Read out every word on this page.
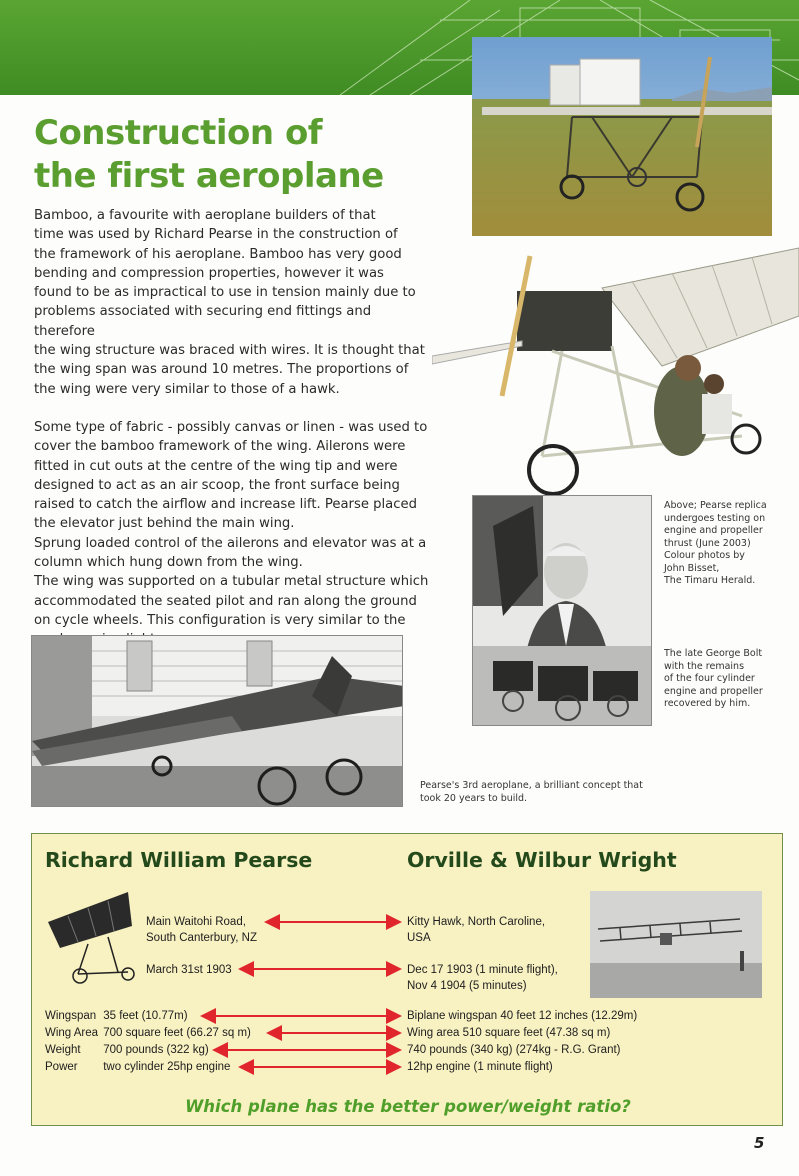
Construction of
the first aeroplane

Bamboo, a favourite with aeroplane builders of that

time was used by Richard Pearse in the construction of

the framework of his aeroplane. Bamboo has very good

bending and compression properties, however it was

found to be as impractical to use in tension mainly due to

problems associated with securing end fittings and therefore

the wing structure was braced with wires. It is thought that

the wing span was around 10 metres. The proportions of

the wing were very similar to those of a hawk.

Some type of fabric - possibly canvas or linen - was used to

cover the bamboo framework of the wing. Ailerons were

fitted in cut outs at the centre of the wing tip and were

designed to act as an air scoop, the front surface being

raised to catch the airflow and increase lift. Pearse placed

the elevator just behind the main wing.

Sprung loaded control of the ailerons and elevator was at a

column which hung down from the wing.

The wing was supported on a tubular metal structure which

accommodated the seated pilot and ran along the ground

on cycle wheels. This configuration is very similar to the

Above; Pearse replica
undergoes testing on
engine and propeller
thrust (June 2003)
Colour photos by
John Bisset,
The Timaru Herald.
The late George Bolt
with the remains
of the four cylinder
engine and propeller
recovered by him.
Pearse's 3rd aeroplane, a brilliant concept that
took 20 years to build.
Richard William Pearse	Orville & Wilbur Wright
Main Waitohi Road,
South Canterbury, NZ
Kitty Hawk, North Caroline,
USA
March 31st 1903	Dec 17 1903 (1 minute flight),
Nov 4 1904 (5 minutes)
Wingspan 35 feet (10.77m)
Wing Area 700 square feet (66.27 sq m)
Weight 700 pounds (322 kg)
Power two cylinder 25hp engine
Biplane wingspan 40 feet 12 inches (12.29m)
Wing area 510 square feet (47.38 sq m)
740 pounds (340 kg) (274kg - R.G. Grant)
12hp engine (1 minute flight)
Which plane has the better power/weight ratio?
5
